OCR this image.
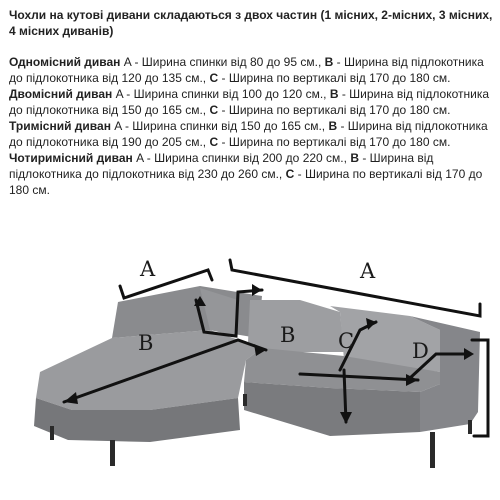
Чохли на кутові дивани складаються з двох частин (1 місних, 2-місних, 3 місних, 4 місних диванів)

Одномісний диван A - Ширина спинки від 80 до 95 см., B - Ширина від підлокотника до підлокотника від 120 до 135 см., C - Ширина по вертикалі від 170 до 180 см.

Двомісний диван A - Ширина спинки від 100 до 120 см., B - Ширина від підлокотника до підлокотника від 150 до 165 см., C - Ширина по вертикалі від 170 до 180 см.

Тримісний диван A - Ширина спинки від 150 до 165 см., B - Ширина від підлокотника до підлокотника від 190 до 205 см., C - Ширина по вертикалі від 170 до 180 см.

Чотиримісний диван A - Ширина спинки від 200 до 220 см., B - Ширина від підлокотника до підлокотника від 230 до 260 см., C - Ширина по вертикалі від 170 до 180 см.

A	A
B	B C	D
